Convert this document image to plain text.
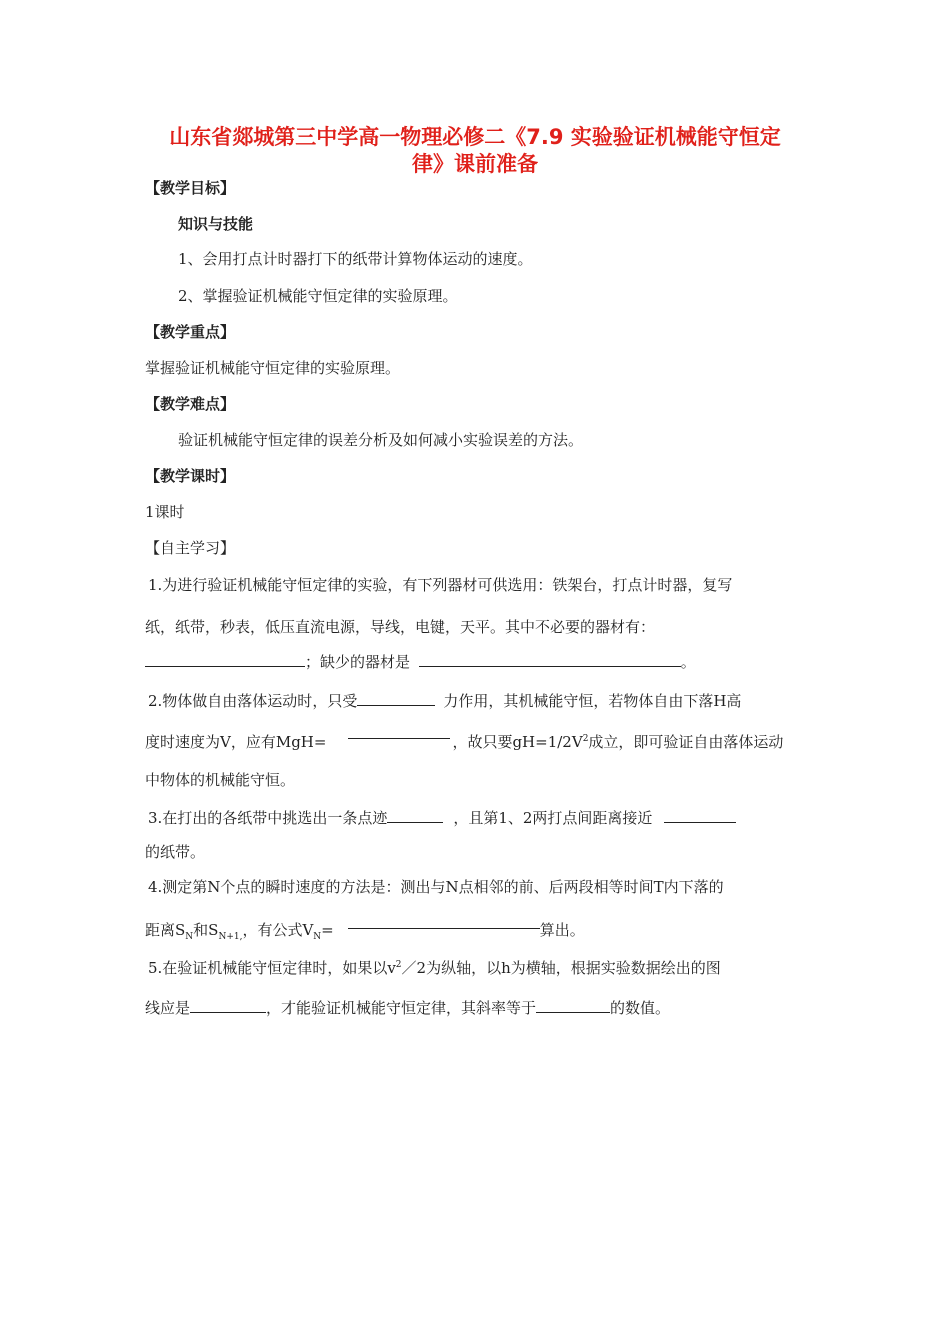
山东省郯城第三中学高一物理必修二《7.9 实验验证机械能守恒定
律》课前准备
【教学目标】
知识与技能
1、会用打点计时器打下的纸带计算物体运动的速度。
2、掌握验证机械能守恒定律的实验原理。
【教学重点】
掌握验证机械能守恒定律的实验原理。
【教学难点】
验证机械能守恒定律的误差分析及如何减小实验误差的方法。
【教学课时】
1课时
【自主学习】
1.为进行验证机械能守恒定律的实验，有下列器材可供选用：铁架台，打点计时器，复写
纸，纸带，秒表，低压直流电源，导线，电键，天平。其中不必要的器材有：
；缺少的器材是	。
2.物体做自由落体运动时，只受	力作用，其机械能守恒，若物体自由下落H高
度时速度为V，应有MgH=	，故只要$gH=1/2V^2$成立，即可验证自由落体运动
中物体的机械能守恒。
3.在打出的各纸带中挑选出一条点迹	，且第1、2两打点间距离接近
的纸带。
4.测定第N个点的瞬时速度的方法是：测出与N点相邻的前、后两段相等时间T内下落的
距离$S_N$和$S_{N+1,}$，有公式$V_N=$	算出。
5.在验证机械能守恒定律时，如果以$v^2/2$为纵轴，以h为横轴，根据实验数据绘出的图
线应是	，才能验证机械能守恒定律，其斜率等于	的数值。
